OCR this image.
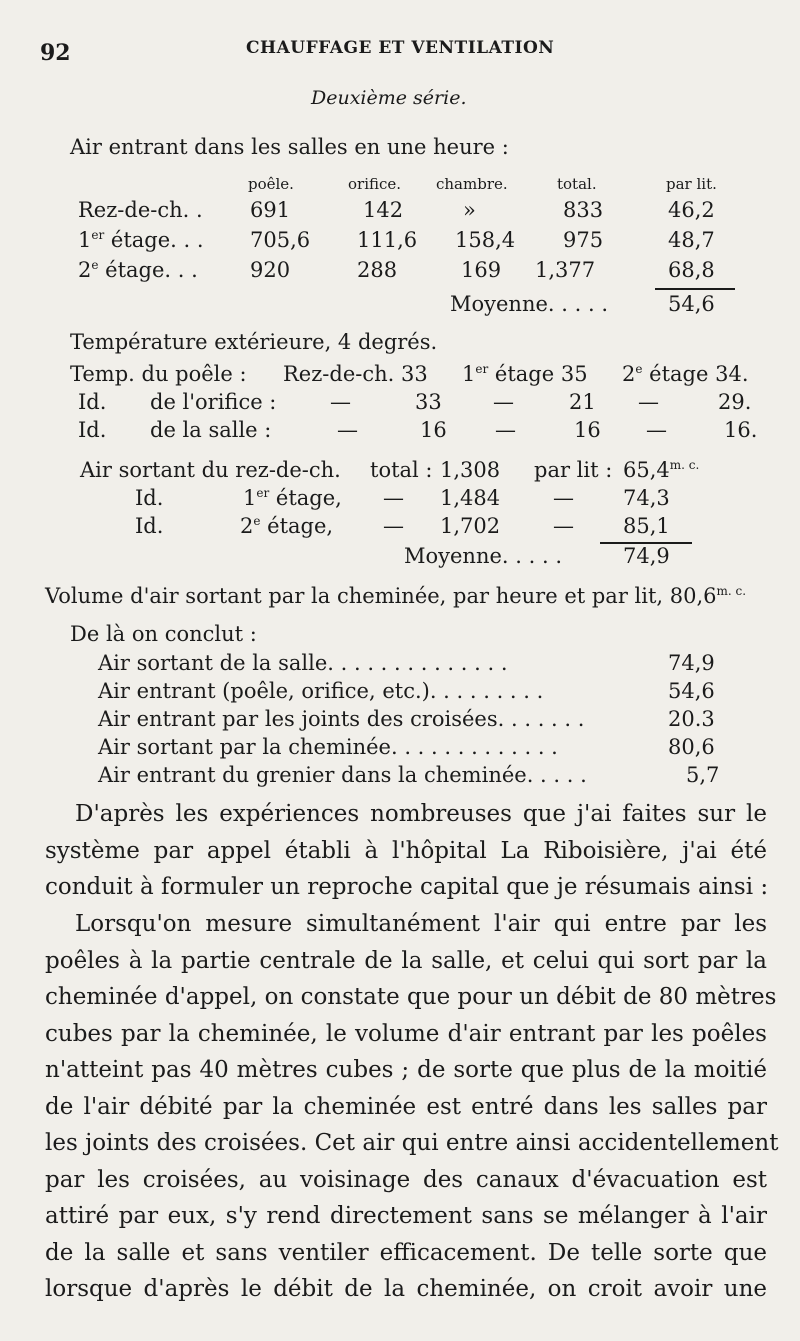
92	CHAUFFAGE ET VENTILATION
Deuxième série.
Air entrant dans les salles en une heure :
poêle.	orifice. chambre.	total.	par lit.
Rez-de-ch. . 691	142	»	833	46,2
1er étage. . . 705,6 111,6 158,4 975	48,7
2e étage. . . 920	288	169 1,377	68,8
Moyenne. . . . .	54,6
Température extérieure, 4 degrés.
Temp. du poêle : Rez-de-ch. 33 1er étage 35 2e étage 34.
Id. de l'orifice :	—	33 —	21 —	29.
Id. de la salle :	—	16 —	16 —	16.
Air sortant du rez-de-ch. total : 1,308 par lit : $65,4^{m. c.}$
Id.	1er étage, — 1,484	— 74,3
Id.	2e étage, — 1,702	— 85,1
Moyenne. . . . .	74,9
Volume d'air sortant par la cheminée, par heure et par lit, $80,6^{m. c.}$
De là on conclut :
Air sortant de la salle. . . . . . . . . . . . . .	74,9
Air entrant (poêle, orifice, etc.). . . . . . . . .	54,6
Air entrant par les joints des croisées. . . . . . .	20.3
Air sortant par la cheminée. . . . . . . . . . . . .	80,6
Air entrant du grenier dans la cheminée. . . . .	5,7
D'après les expériences nombreuses que j'ai faites sur le
système par appel établi à l'hôpital La Riboisière, j'ai été
conduit à formuler un reproche capital que je résumais ainsi :
Lorsqu'on mesure simultanément l'air qui entre par les
poêles à la partie centrale de la salle, et celui qui sort par la
cheminée d'appel, on constate que pour un débit de 80 mètres
cubes par la cheminée, le volume d'air entrant par les poêles
n'atteint pas 40 mètres cubes ; de sorte que plus de la moitié
de l'air débité par la cheminée est entré dans les salles par
les joints des croisées. Cet air qui entre ainsi accidentellement
par les croisées, au voisinage des canaux d'évacuation est
attiré par eux, s'y rend directement sans se mélanger à l'air
de la salle et sans ventiler efficacement. De telle sorte que
lorsque d'après le débit de la cheminée, on croit avoir une
